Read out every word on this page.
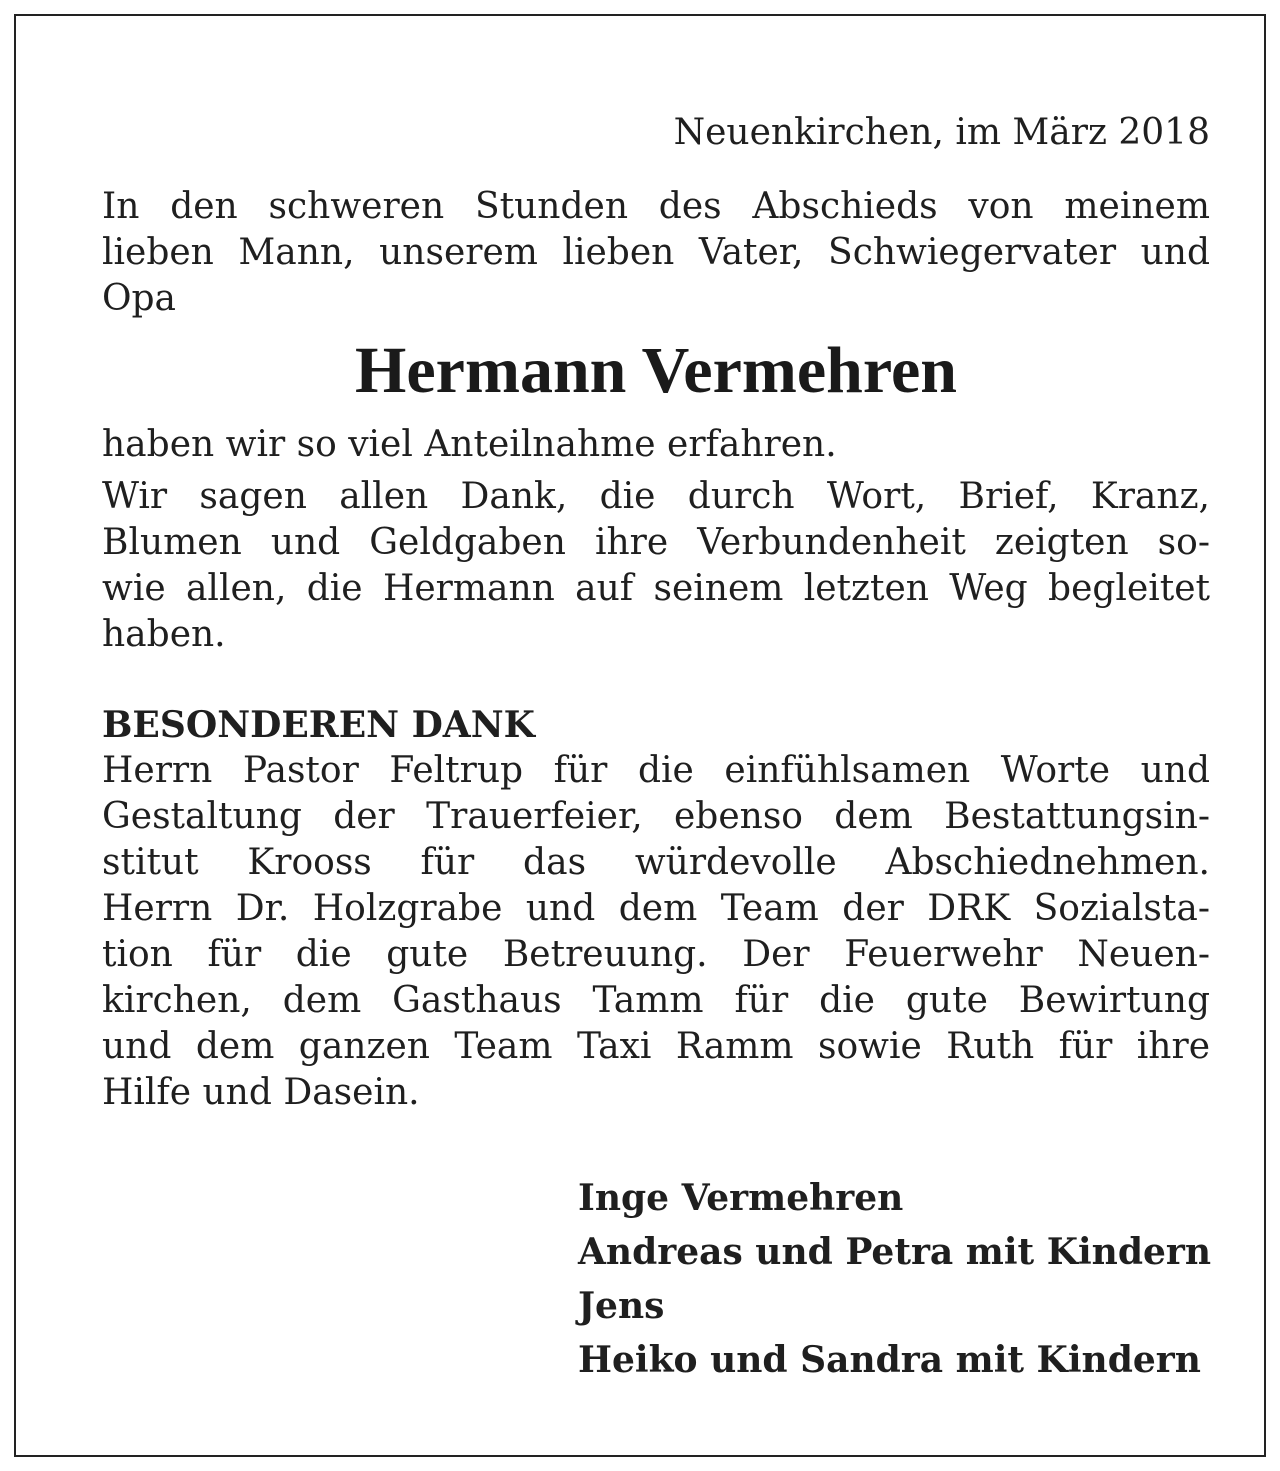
Neuenkirchen, im März 2018
In den schweren Stunden des Abschieds von meinem
lieben Mann, unserem lieben Vater, Schwiegervater und
Opa
Hermann Vermehren
haben wir so viel Anteilnahme erfahren.
Wir sagen allen Dank, die durch Wort, Brief, Kranz,
Blumen und Geldgaben ihre Verbundenheit zeigten so-
wie allen, die Hermann auf seinem letzten Weg begleitet
haben.
BESONDEREN DANK
Herrn Pastor Feltrup für die einfühlsamen Worte und
Gestaltung der Trauerfeier, ebenso dem Bestattungsin-
stitut Krooss für das würdevolle Abschiednehmen.
Herrn Dr. Holzgrabe und dem Team der DRK Sozialsta-
tion für die gute Betreuung. Der Feuerwehr Neuen-
kirchen, dem Gasthaus Tamm für die gute Bewirtung
und dem ganzen Team Taxi Ramm sowie Ruth für ihre
Hilfe und Dasein.
Inge Vermehren
Andreas und Petra mit Kindern
Jens
Heiko und Sandra mit Kindern
